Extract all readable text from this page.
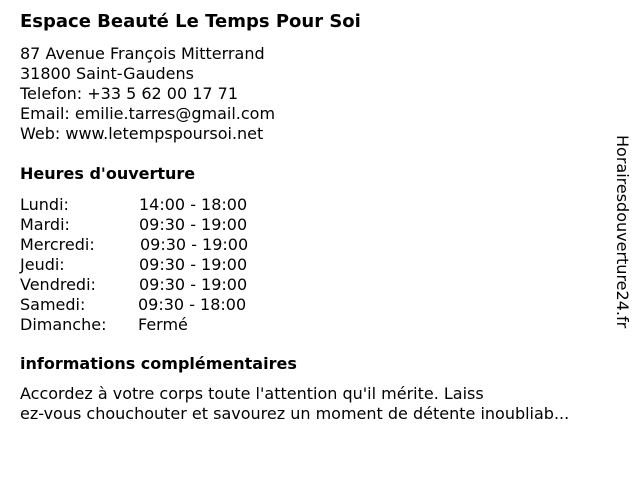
Espace Beauté Le Temps Pour Soi
87 Avenue François Mitterrand
31800 Saint-Gaudens
Telefon: +33 5 62 00 17 71
Email: emilie.tarres@gmail.com
Web: www.letempspoursoi.net
Heures d'ouverture
Lundi:	14:00 - 18:00
Mardi:	09:30 - 19:00
Mercredi:	09:30 - 19:00
Jeudi:	09:30 - 19:00
Vendredi:	09:30 - 19:00
Samedi:	09:30 - 18:00
Dimanche: Fermé
informations complémentaires
Accordez à votre corps toute l'attention qu'il mérite. Laiss
ez-vous chouchouter et savourez un moment de détente inoubliab...
Horairesdouverture24.fr
